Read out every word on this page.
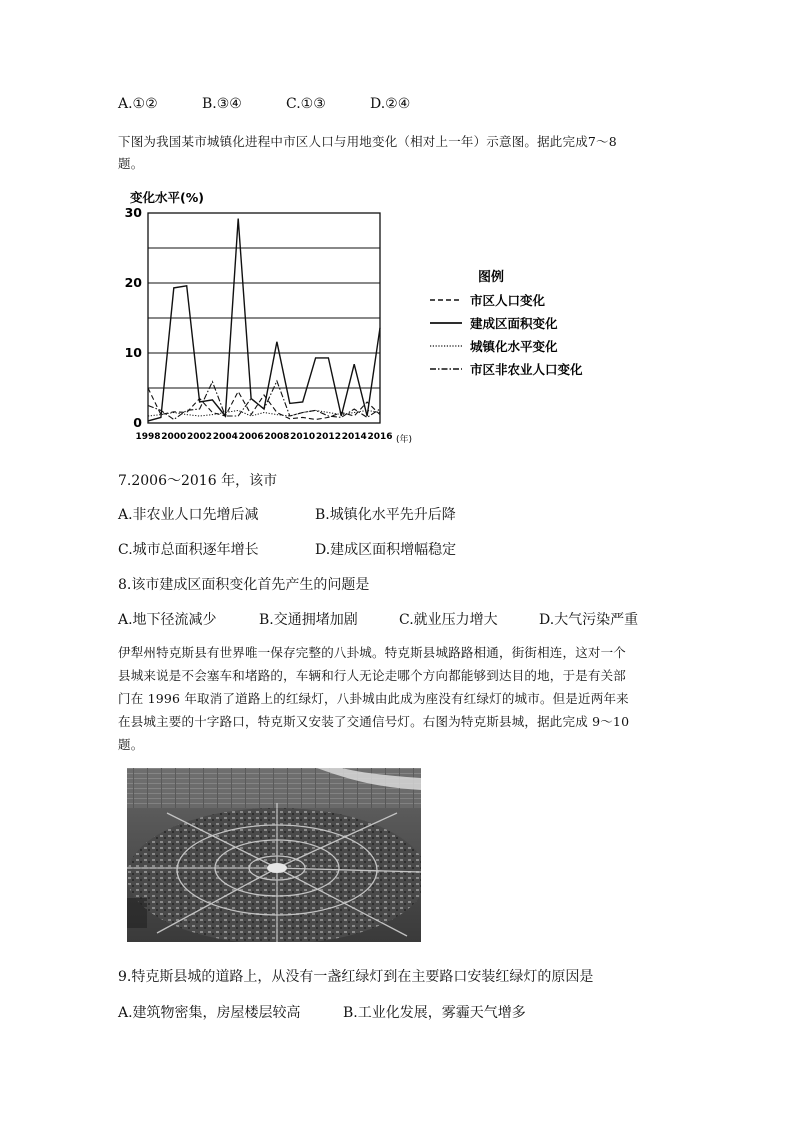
A.①②	B.③④	C.①③	D.②④
下图为我国某市城镇化进程中市区人口与用地变化（相对上一年）示意图。据此完成7～8
题。
变化水平(%)
0
10
20
30
1998 2000 2002 2004 2006 2008 2010 2012 2014 2016 (年)
图例
市区人口变化
建成区面积变化
城镇化水平变化
市区非农业人口变化
7.2006～2016 年，该市
A.非农业人口先增后减	B.城镇化水平先升后降
C.城市总面积逐年增长	D.建成区面积增幅稳定
8.该市建成区面积变化首先产生的问题是
A.地下径流减少	B.交通拥堵加剧	C.就业压力增大	D.大气污染严重
伊犁州特克斯县有世界唯一保存完整的八卦城。特克斯县城路路相通，街街相连，这对一个
县城来说是不会塞车和堵路的，车辆和行人无论走哪个方向都能够到达目的地，于是有关部
门在 1996 年取消了道路上的红绿灯，八卦城由此成为座没有红绿灯的城市。但是近两年来
在县城主要的十字路口，特克斯又安装了交通信号灯。右图为特克斯县城，据此完成 9～10
题。
9.特克斯县城的道路上，从没有一盏红绿灯到在主要路口安装红绿灯的原因是
A.建筑物密集，房屋楼层较高	B.工业化发展，雾霾天气增多
